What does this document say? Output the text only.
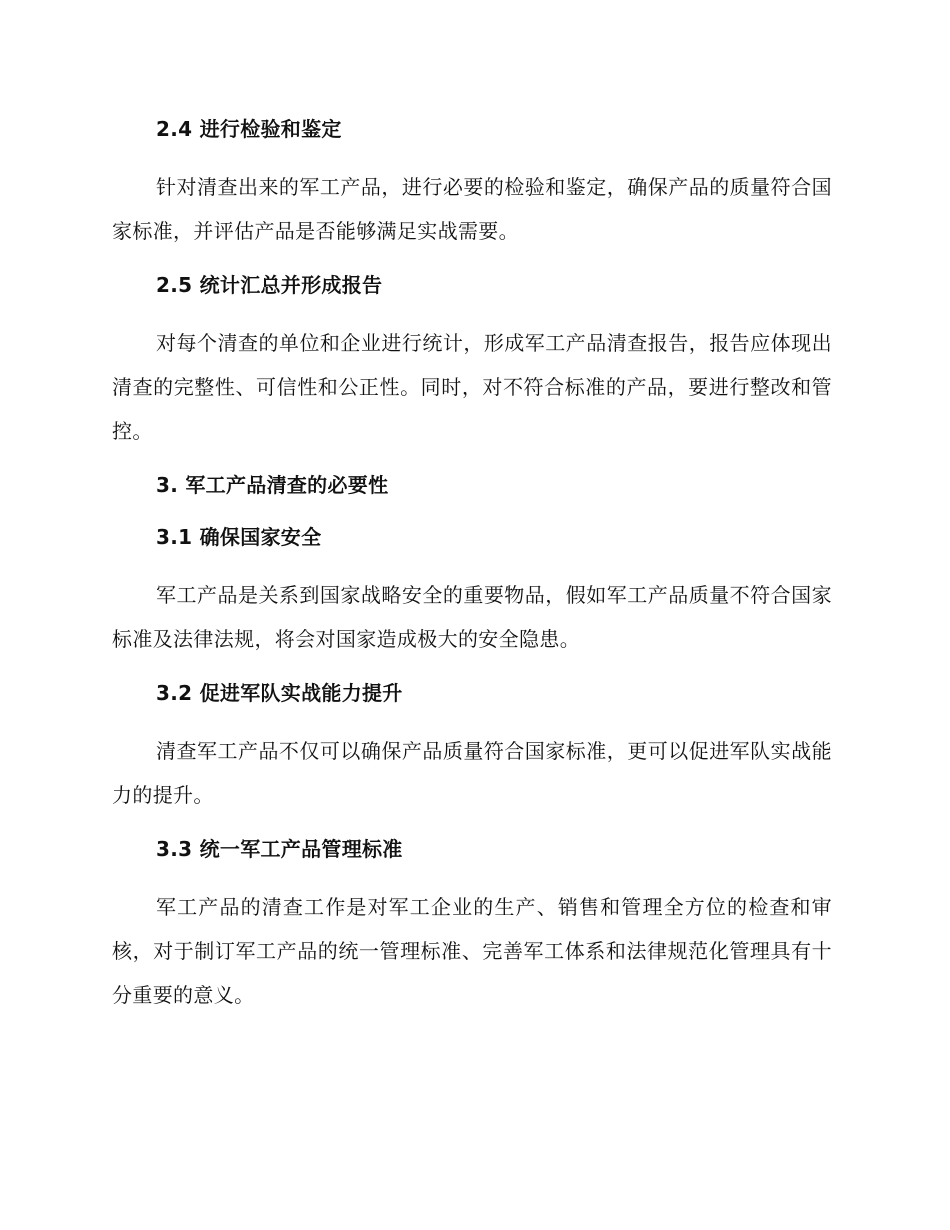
2.4 进行检验和鉴定

针对清查出来的军工产品，进行必要的检验和鉴定，确保产品的质量符合国家标准，并评估产品是否能够满足实战需要。

2.5 统计汇总并形成报告

对每个清查的单位和企业进行统计，形成军工产品清查报告，报告应体现出清查的完整性、可信性和公正性。同时，对不符合标准的产品，要进行整改和管控。

3. 军工产品清查的必要性
3.1 确保国家安全

军工产品是关系到国家战略安全的重要物品，假如军工产品质量不符合国家标准及法律法规，将会对国家造成极大的安全隐患。

3.2 促进军队实战能力提升

清查军工产品不仅可以确保产品质量符合国家标准，更可以促进军队实战能力的提升。

3.3 统一军工产品管理标准

军工产品的清查工作是对军工企业的生产、销售和管理全方位的检查和审核，对于制订军工产品的统一管理标准、完善军工体系和法律规范化管理具有十分重要的意义。
